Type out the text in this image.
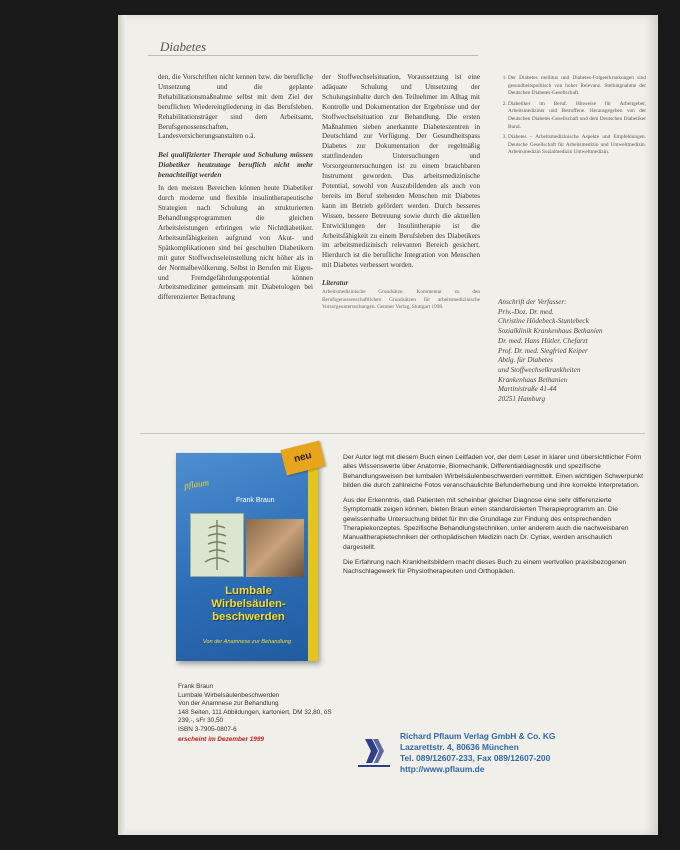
Diabetes

den, die Vorschriften nicht kennen bzw. die berufliche Umsetzung und die geplante Rehabilitationsmaßnahme selbst mit dem Ziel der beruflichen Wiedereingliederung in das Berufsleben. Rehabilitationsträger sind dem Arbeitsamt, Berufsgenossenschaften, Landesversicherungsanstalten o.ä.

Bei qualifizierter Therapie und Schulung müssen Diabetiker heutzutage beruflich nicht mehr benachteiligt werden

In den meisten Bereichen können heute Diabetiker durch moderne und flexible insulintherapeutische Strategien nach Schulung an strukturierten Behandlungsprogrammen die gleichen Arbeitsleistungen erbringen wie Nichtdiabetiker. Arbeitsunfähigkeiten aufgrund von Akut- und Spätkomplikationen sind bei geschulten Diabetikern mit guter Stoffwechseleinstellung nicht höher als in der Normalbevölkerung. Selbst in Berufen mit Eigen- und Fremdgefährdungspotential können Arbeitsmediziner gemeinsam mit Diabetologen bei differenzierter Betrachtung

der Stoffwechselsituation, Voraussetzung ist eine adäquate Schulung und Umsetzung der Schulungsinhalte durch den Teilnehmer im Alltag mit Kontrolle und Dokumentation der Ergebnisse und der Stoffwechselsituation zur Behandlung. Die ersten Maßnahmen sieben anerkannte Diabeteszentren in Deutschland zur Verfügung. Der Gesundheitspass Diabetes zur Dokumentation der regelmäßig stattfindenden Untersuchungen und Vorsorgeuntersuchungen ist zu einem brauchbaren Instrument geworden. Das arbeitsmedizinische Potential, sowohl von Auszubildenden als auch von bereits im Beruf stehenden Menschen mit Diabetes kann im Betrieb gefördert werden. Durch besseres Wissen, bessere Betreuung sowie durch die aktuellen Entwicklungen der Insulintherapie ist die Arbeitsfähigkeit zu einem Berufsleben des Diabetikers im arbeitsmedizinisch relevanten Bereich gesichert. Hierdurch ist die berufliche Integration von Menschen mit Diabetes verbessert worden.

Literatur
Arbeitsmedizinische Grundsätze. Kommentar zu den Berufsgenossenschaftlichen Grundsätzen für arbeitsmedizinische Vorsorgeuntersuchungen. Gentner Verlag, Stuttgart 1998.
1. Der Diabetes mellitus und Diabetes-Folgeerkrankungen sind gesundheitspolitisch von hoher Relevanz. Stellungnahme der Deutschen Diabetes-Gesellschaft.
2. Diabetiker im Beruf. Hinweise für Arbeitgeber, Arbeitsmediziner und Betroffene. Herausgegeben von der Deutschen Diabetes-Gesellschaft und dem Deutschen Diabetiker Bund.
3. Diabetes – Arbeitsmedizinische Aspekte und Empfehlungen. Deutsche Gesellschaft für Arbeitsmedizin und Umweltmedizin. Arbeitsmedizin Sozialmedizin Umweltmedizin.
Anschrift der Verfasser:
Priv.-Doz. Dr. med.
Christine Hödebeck-Stuntebeck
Sozialklinik Krankenhaus Bethanien
Dr. med. Hans Hütler, Chefarzt
Prof. Dr. med. Siegfried Keiper
Abtlg. für Diabetes
und Stoffwechselkrankheiten
Krankenhaus Bethanien
Martinistraße 41-44
20251 Hamburg
pflaum
Frank Braun
Lumbale
Wirbelsäulen-
beschwerden
Von der Anamnese zur Behandlung
neu
Frank Braun
Lumbale Wirbelsäulenbeschwerden
Von der Anamnese zur Behandlung
148 Seiten, 111 Abbildungen, kartoniert, DM 32,80, öS 239,-, sFr 30,50
ISBN 3-7905-0807-6
erscheint im Dezember 1999

Der Autor legt mit diesem Buch einen Leitfaden vor, der dem Leser in klarer und übersichtlicher Form alles Wissenswerte über Anatomie, Biomechanik, Differentialdiagnostik und spezifische Behandlungsweisen bei lumbalen Wirbelsäulenbeschwerden vermittelt. Einen wichtigen Schwerpunkt bilden die durch zahlreiche Fotos veranschaulichte Befunderhebung und ihre korrekte Interpretation.

Aus der Erkenntnis, daß Patienten mit scheinbar gleicher Diagnose eine sehr differenzierte Symptomatik zeigen können, bieten Braun einen standardisierten Therapieprogramm an. Die gewissenhafte Untersuchung bildet für ihn die Grundlage zur Findung des entsprechenden Therapiekonzeptes. Spezifische Behandlungstechniken, unter anderem auch die nachweisbaren Manualtherapietechniken der orthopädischen Medizin nach Dr. Cyriax, werden anschaulich dargestellt.

Die Erfahrung nach Krankheitsbildern macht dieses Buch zu einem wertvollen praxisbezogenen Nachschlagewerk für Physiotherapeuten und Orthopäden.

Richard Pflaum Verlag GmbH & Co. KG
Lazarettstr. 4, 80636 München
Tel. 089/12607-233, Fax 089/12607-200
http://www.pflaum.de
